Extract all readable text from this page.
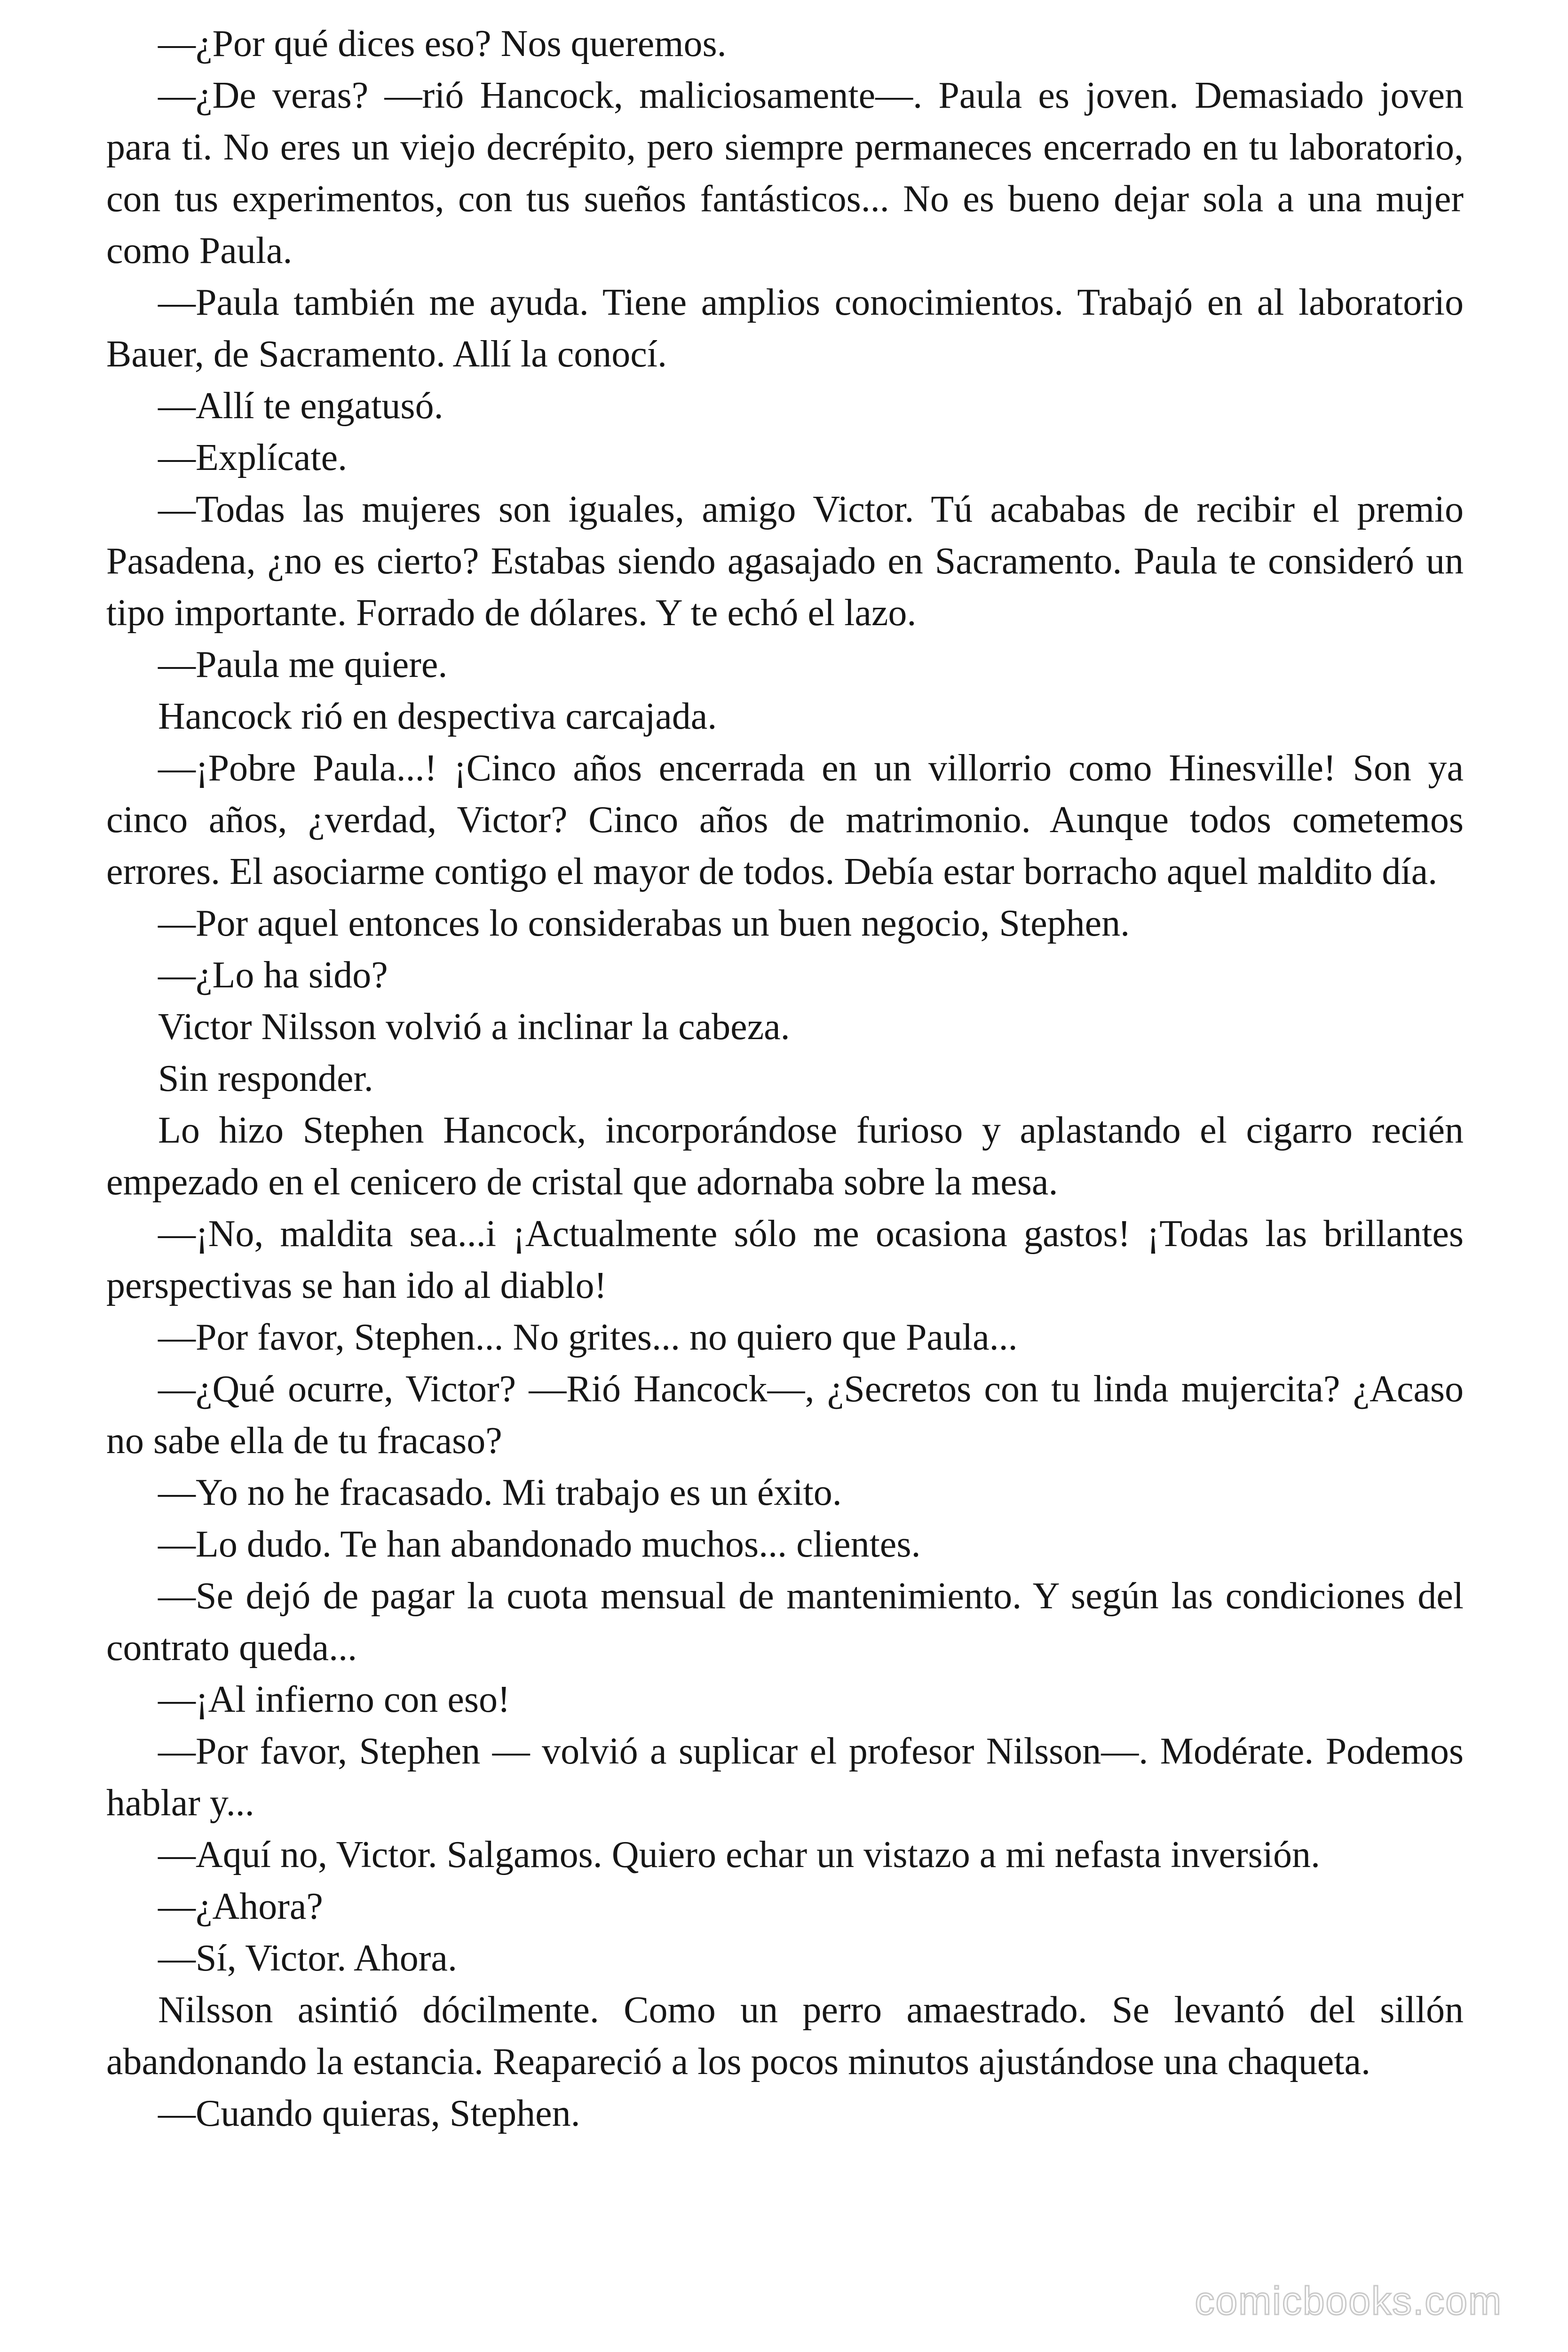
—¿Por qué dices eso? Nos queremos.

—¿De veras? —rió Hancock, maliciosamente—. Paula es joven. Demasiado joven para ti. No eres un viejo decrépito, pero siempre permaneces encerrado en tu laboratorio, con tus experimentos, con tus sueños fantásticos... No es bueno dejar sola a una mujer como Paula.

—Paula también me ayuda. Tiene amplios conocimientos. Trabajó en al laboratorio Bauer, de Sacramento. Allí la conocí.

—Allí te engatusó.

—Explícate.

—Todas las mujeres son iguales, amigo Victor. Tú acababas de recibir el premio Pasadena, ¿no es cierto? Estabas siendo agasajado en Sacramento. Paula te consideró un tipo importante. Forrado de dólares. Y te echó el lazo.

—Paula me quiere.

Hancock rió en despectiva carcajada.

—¡Pobre Paula...! ¡Cinco años encerrada en un villorrio como Hinesville! Son ya cinco años, ¿verdad, Victor? Cinco años de matrimonio. Aunque todos cometemos errores. El asociarme contigo el mayor de todos. Debía estar borracho aquel maldito día.

—Por aquel entonces lo considerabas un buen negocio, Stephen.

—¿Lo ha sido?

Victor Nilsson volvió a inclinar la cabeza.

Sin responder.

Lo hizo Stephen Hancock, incorporándose furioso y aplastando el cigarro recién empezado en el cenicero de cristal que adornaba sobre la mesa.

—¡No, maldita sea...i ¡Actualmente sólo me ocasiona gastos! ¡Todas las brillantes perspectivas se han ido al diablo!

—Por favor, Stephen... No grites... no quiero que Paula...

—¿Qué ocurre, Victor? —Rió Hancock—, ¿Secretos con tu linda mujercita? ¿Acaso no sabe ella de tu fracaso?

—Yo no he fracasado. Mi trabajo es un éxito.

—Lo dudo. Te han abandonado muchos... clientes.

—Se dejó de pagar la cuota mensual de mantenimiento. Y según las condiciones del contrato queda...

—¡Al infierno con eso!

—Por favor, Stephen — volvió a suplicar el profesor Nilsson—. Modérate. Podemos hablar y...

—Aquí no, Victor. Salgamos. Quiero echar un vistazo a mi nefasta inversión.

—¿Ahora?

—Sí, Victor. Ahora.

Nilsson asintió dócilmente. Como un perro amaestrado. Se levantó del sillón abandonando la estancia. Reapareció a los pocos minutos ajustándose una chaqueta.

—Cuando quieras, Stephen.

comicbooks.com
